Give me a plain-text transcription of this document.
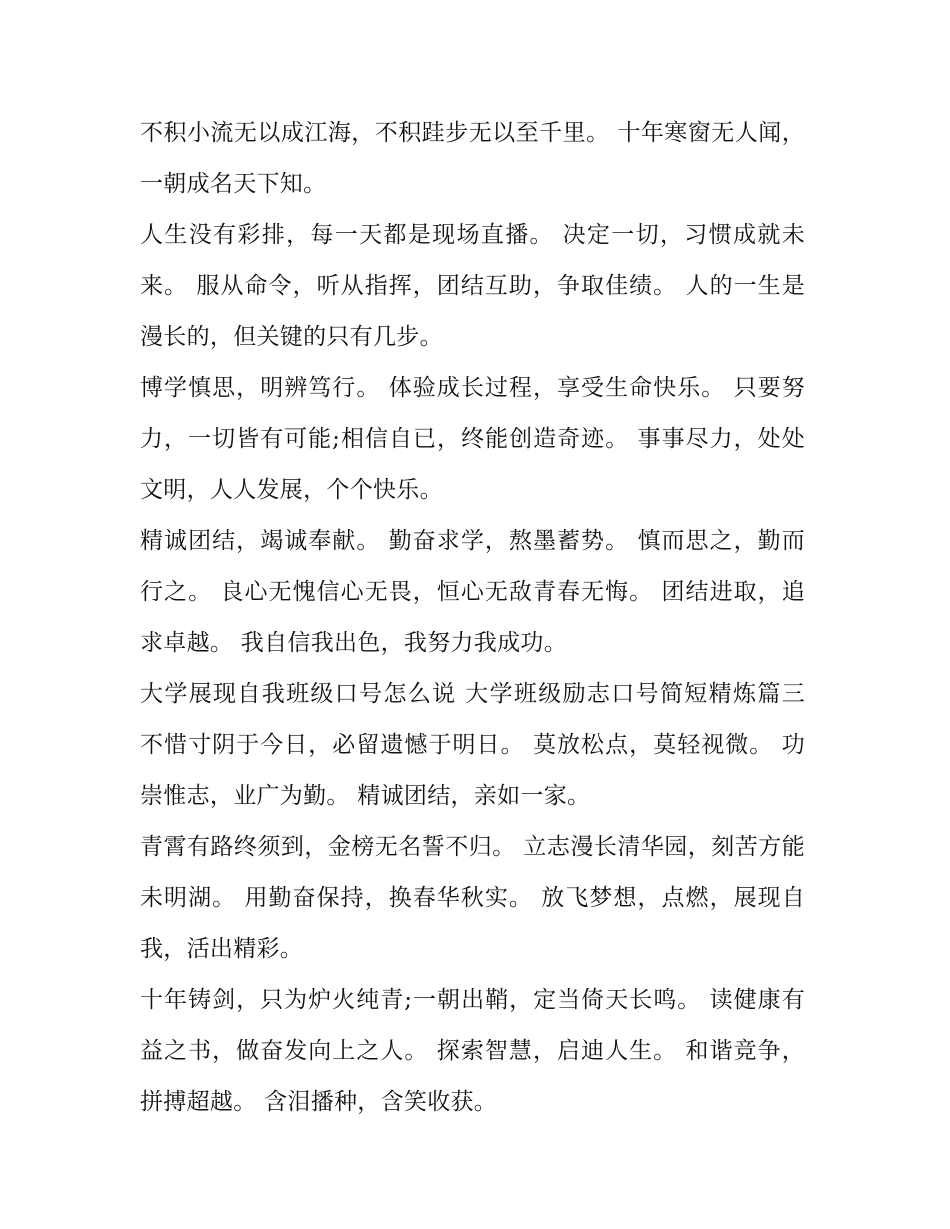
不积小流无以成江海，不积跬步无以至千里。 十年寒窗无人闻，一朝成名天下知。

人生没有彩排，每一天都是现场直播。 决定一切，习惯成就未来。 服从命令，听从指挥，团结互助，争取佳绩。 人的一生是漫长的，但关键的只有几步。

博学慎思，明辨笃行。 体验成长过程，享受生命快乐。 只要努力，一切皆有可能;相信自已，终能创造奇迹。 事事尽力，处处文明，人人发展，个个快乐。

精诚团结，竭诚奉献。 勤奋求学，熬墨蓄势。 慎而思之，勤而行之。 良心无愧信心无畏，恒心无敌青春无悔。 团结进取，追求卓越。 我自信我出色，我努力我成功。

大学展现自我班级口号怎么说 大学班级励志口号简短精炼篇三 不惜寸阴于今日，必留遗憾于明日。 莫放松点，莫轻视微。 功崇惟志，业广为勤。 精诚团结，亲如一家。

青霄有路终须到，金榜无名誓不归。 立志漫长清华园，刻苦方能未明湖。 用勤奋保持，换春华秋实。 放飞梦想，点燃，展现自我，活出精彩。

十年铸剑，只为炉火纯青;一朝出鞘，定当倚天长鸣。 读健康有益之书，做奋发向上之人。 探索智慧，启迪人生。 和谐竞争，拼搏超越。 含泪播种，含笑收获。
